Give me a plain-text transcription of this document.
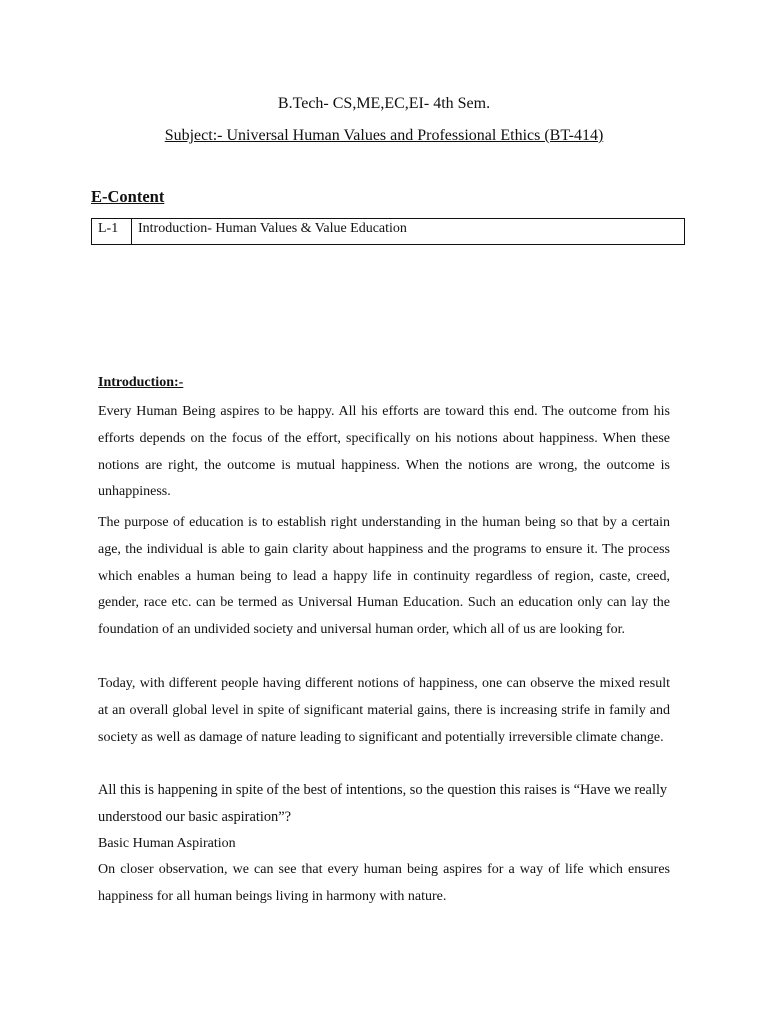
B.Tech- CS,ME,EC,EI- 4th Sem.
Subject:- Universal Human Values and Professional Ethics (BT-414)
E-Content
L-1	Introduction- Human Values & Value Education
Introduction:-

Every Human Being aspires to be happy. All his efforts are toward this end. The outcome from his efforts depends on the focus of the effort, specifically on his notions about happiness. When these notions are right, the outcome is mutual happiness. When the notions are wrong, the outcome is unhappiness.

The purpose of education is to establish right understanding in the human being so that by a certain age, the individual is able to gain clarity about happiness and the programs to ensure it. The process which enables a human being to lead a happy life in continuity regardless of region, caste, creed, gender, race etc. can be termed as Universal Human Education. Such an education only can lay the foundation of an undivided society and universal human order, which all of us are looking for.

Today, with different people having different notions of happiness, one can observe the mixed result at an overall global level in spite of significant material gains, there is increasing strife in family and society as well as damage of nature leading to significant and potentially irreversible climate change.

All this is happening in spite of the best of intentions, so the question this raises is “Have we really understood our basic aspiration”?

Basic Human Aspiration

On closer observation, we can see that every human being aspires for a way of life which ensures happiness for all human beings living in harmony with nature.
